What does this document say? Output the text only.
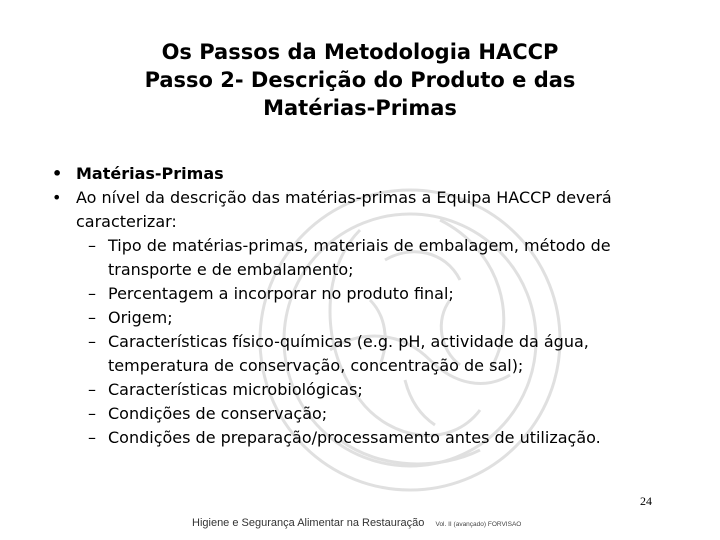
Os Passos da Metodologia HACCP
Passo 2- Descrição do Produto e das
Matérias-Primas
• Matérias-Primas
• Ao nível da descrição das matérias-primas a Equipa HACCP deverá caracterizar:
– Tipo de matérias-primas, materiais de embalagem, método de transporte e de embalamento;
– Percentagem a incorporar no produto final;
– Origem;
– Características físico-químicas (e.g. pH, actividade da água, temperatura de conservação, concentração de sal);
– Características microbiológicas;
– Condições de conservação;
– Condições de preparação/processamento antes de utilização.
24
Higiene e Segurança Alimentar na Restauração Vol. II (avançado) FORVISAO
